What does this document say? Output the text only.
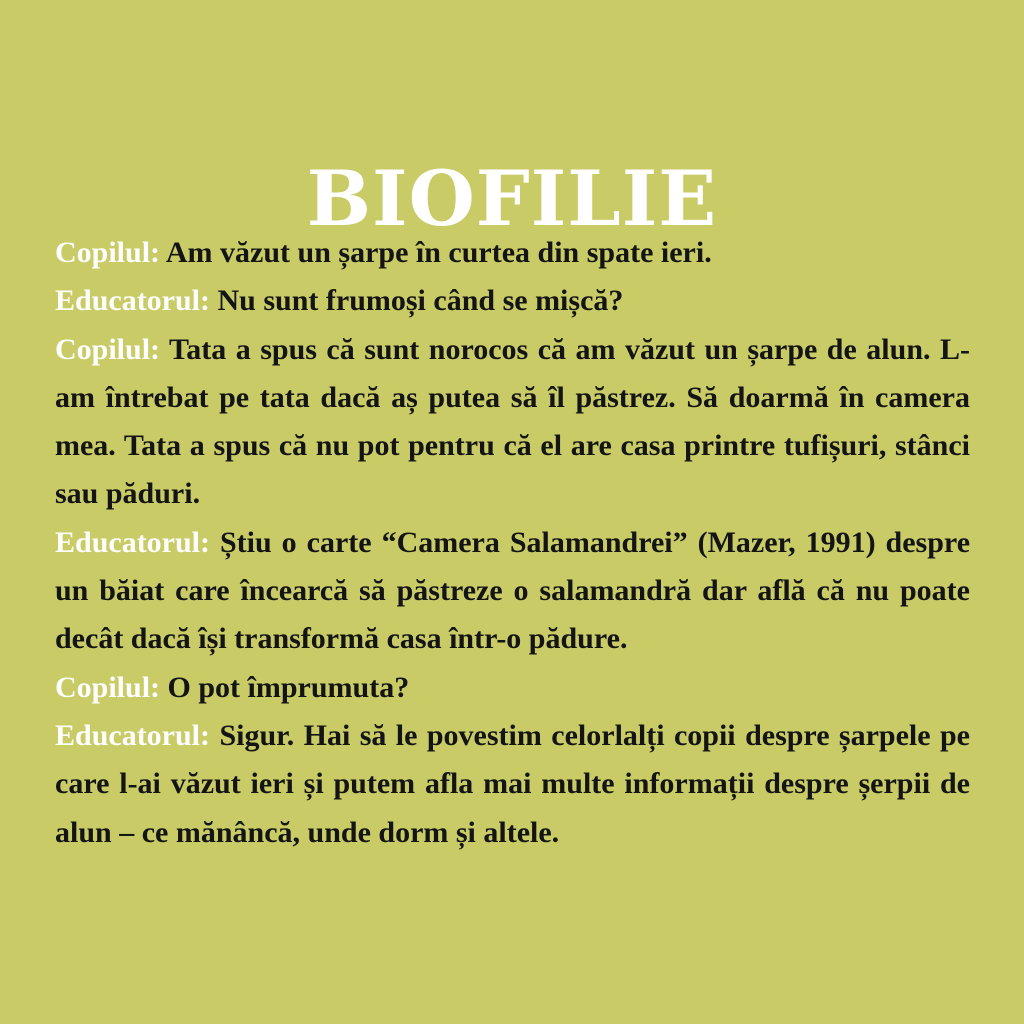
BIOFILIE

Copilul: Am văzut un șarpe în curtea din spate ieri.

Educatorul: Nu sunt frumoși când se mișcă?

Copilul: Tata a spus că sunt norocos că am văzut un șarpe de alun. L-am întrebat pe tata dacă aș putea să îl păstrez. Să doarmă în camera mea. Tata a spus că nu pot pentru că el are casa printre tufișuri, stânci sau păduri.

Educatorul: Știu o carte “Camera Salamandrei” (Mazer, 1991) despre un băiat care încearcă să păstreze o salamandră dar află că nu poate decât dacă își transformă casa într-o pădure.

Copilul: O pot împrumuta?

Educatorul: Sigur. Hai să le povestim celorlalți copii despre șarpele pe care l-ai văzut ieri și putem afla mai multe informații despre șerpii de alun – ce mănâncă, unde dorm și altele.
